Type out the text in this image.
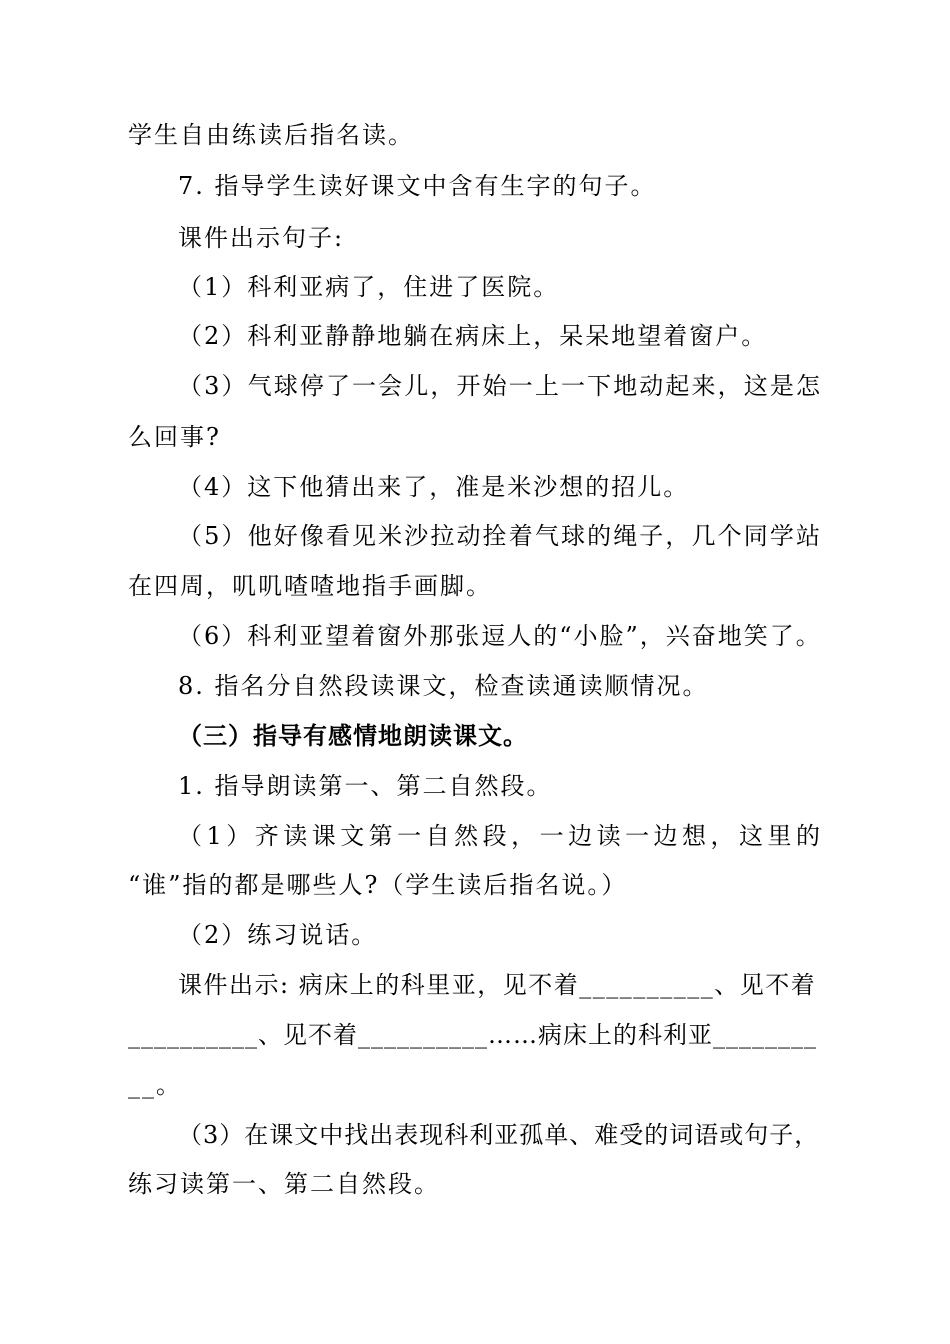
学生自由练读后指名读。
7. 指导学生读好课文中含有生字的句子。
课件出示句子:
（1）科利亚病了，住进了医院。
（2）科利亚静静地躺在病床上，呆呆地望着窗户。
（3）气球停了一会儿，开始一上一下地动起来，这是怎
么回事?
（4）这下他猜出来了，准是米沙想的招儿。
（5）他好像看见米沙拉动拴着气球的绳子，几个同学站
在四周，叽叽喳喳地指手画脚。
（6）科利亚望着窗外那张逗人的“小脸”，兴奋地笑了。
8. 指名分自然段读课文，检查读通读顺情况。
（三）指导有感情地朗读课文。
1. 指导朗读第一、第二自然段。
（1）齐读课文第一自然段，一边读一边想，这里的
“谁”指的都是哪些人?（学生读后指名说。）
（2）练习说话。
课件出示: 病床上的科里亚，见不着__________、见不着
__________、见不着__________……病床上的科利亚________
__。
（3）在课文中找出表现科利亚孤单、难受的词语或句子，
练习读第一、第二自然段。
